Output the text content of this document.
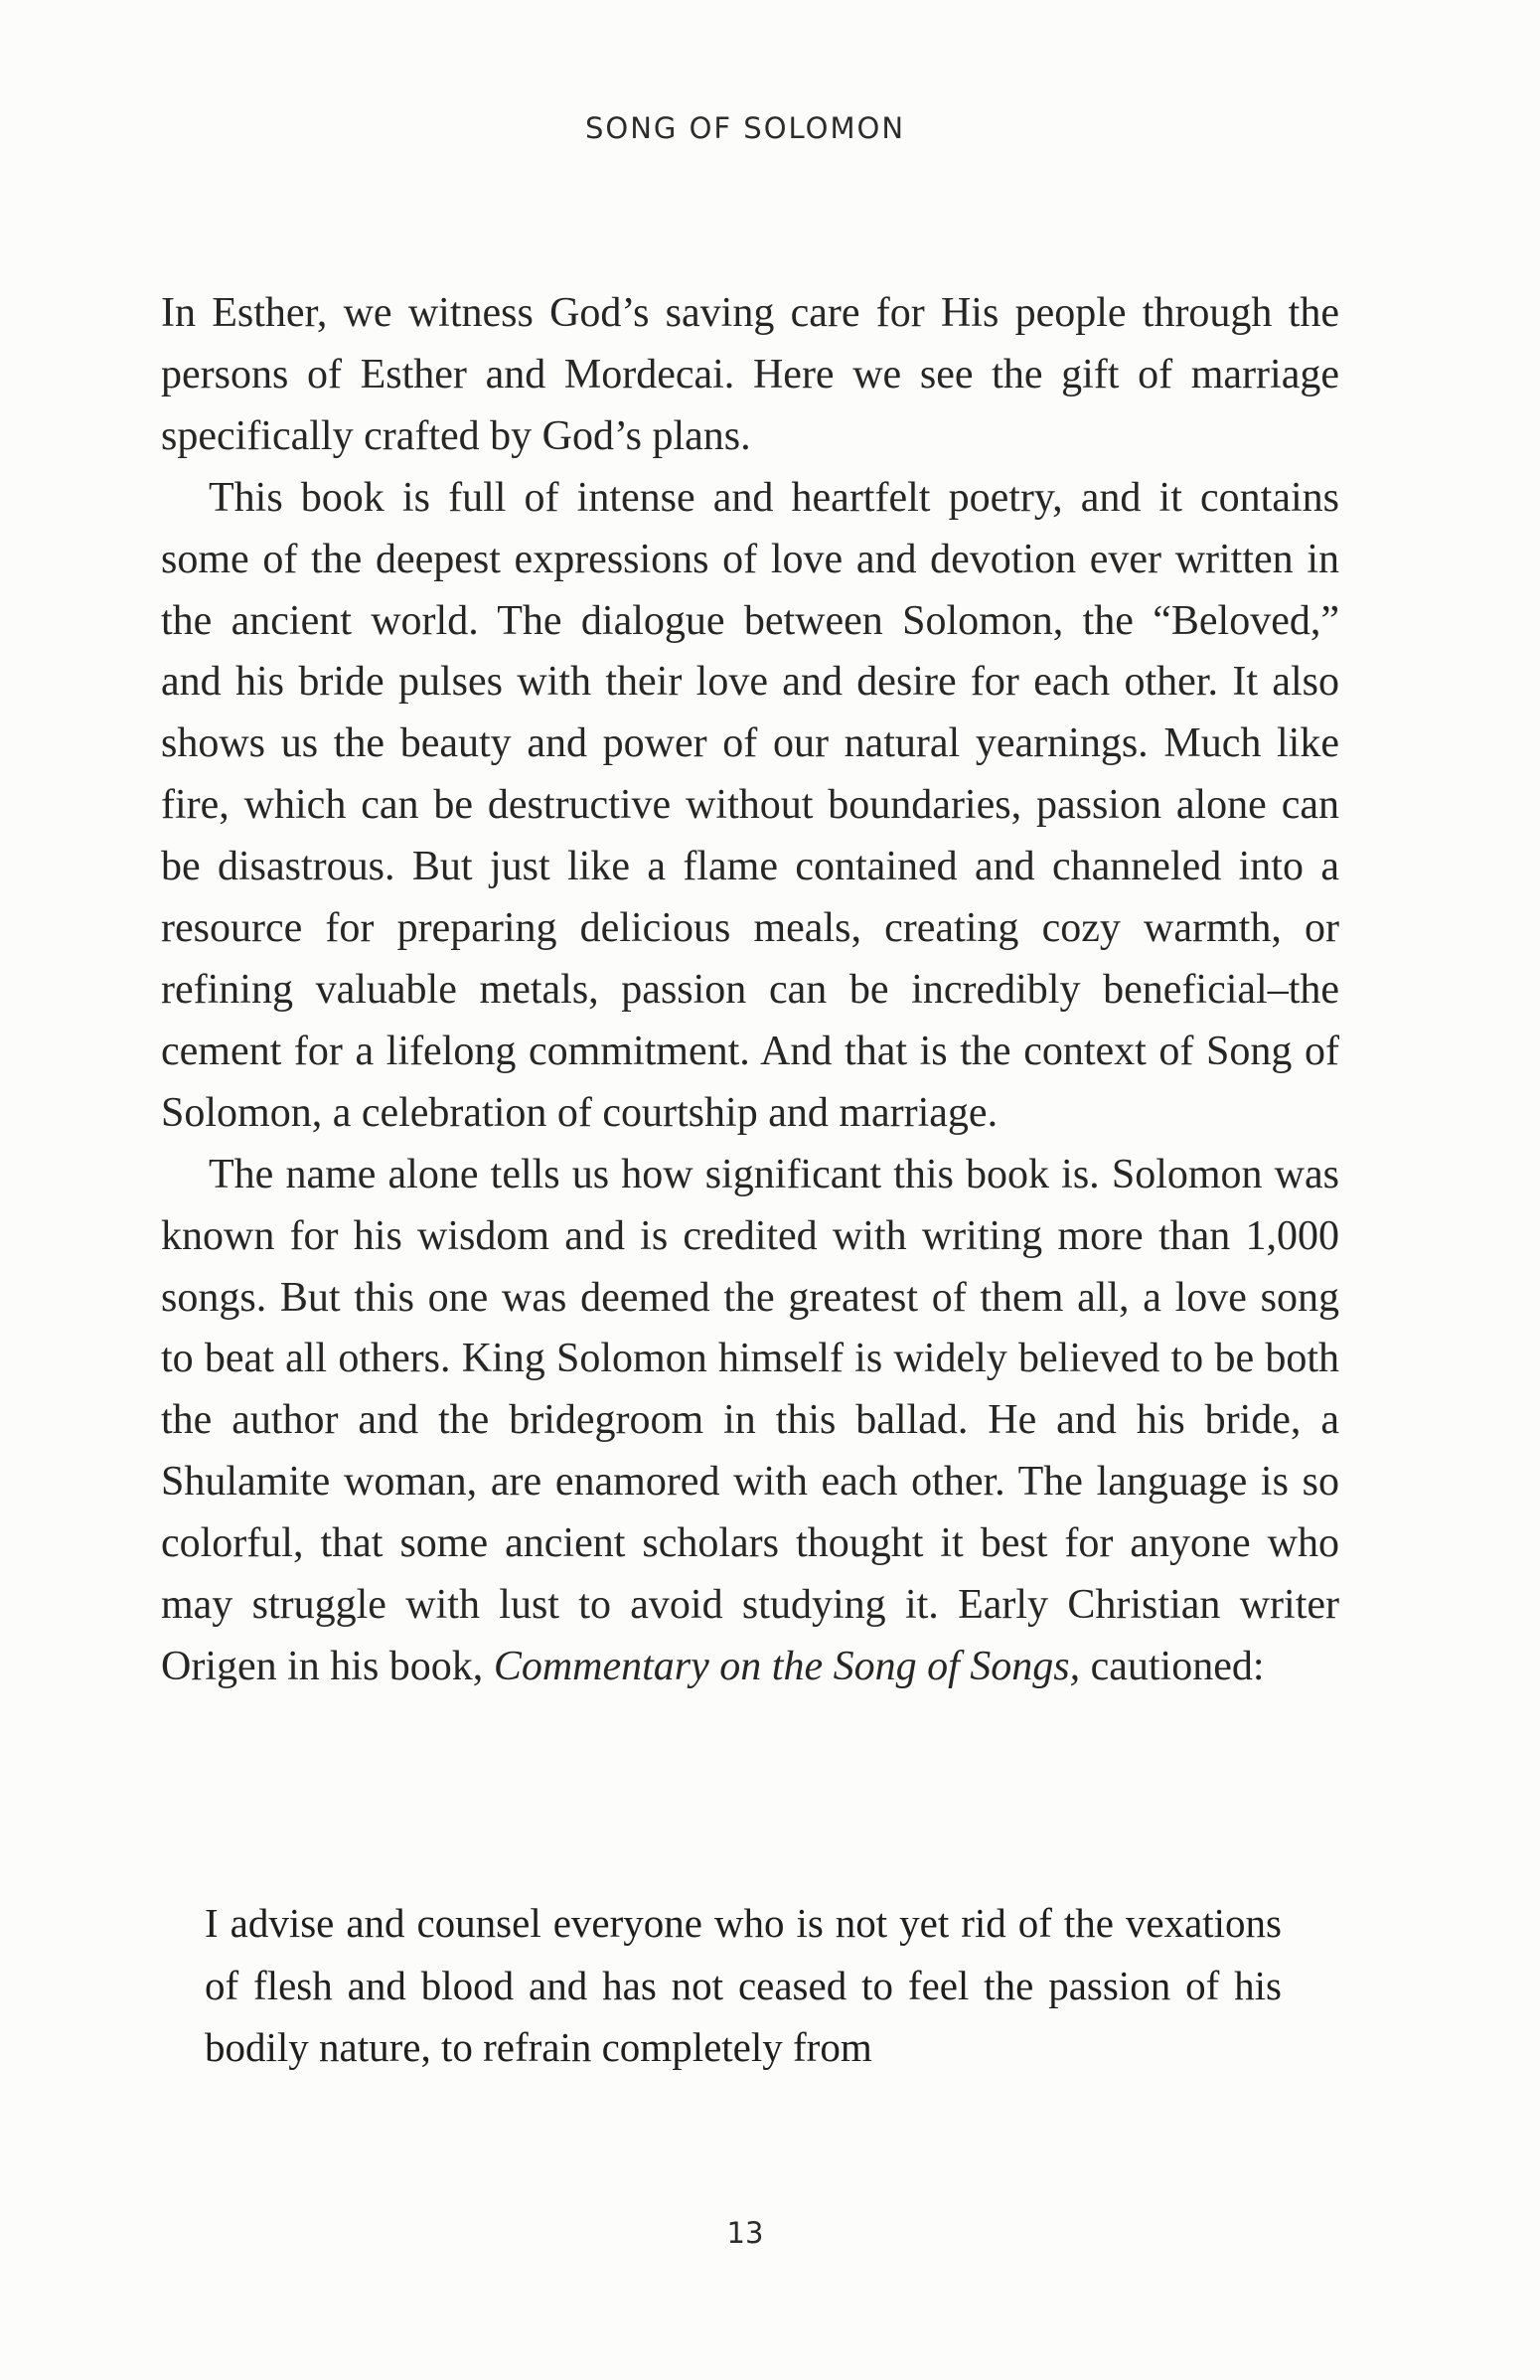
SONG OF SOLOMON

In Esther, we witness God’s saving care for His people through the persons of Esther and Mordecai. Here we see the gift of marriage specifically crafted by God’s plans.

This book is full of intense and heartfelt poetry, and it contains some of the deepest expressions of love and devotion ever written in the ancient world. The dialogue between Solomon, the “Beloved,” and his bride pulses with their love and desire for each other. It also shows us the beauty and power of our natural yearnings. Much like fire, which can be destructive without boundaries, passion alone can be disastrous. But just like a flame contained and channeled into a resource for preparing delicious meals, creating cozy warmth, or refining valuable metals, passion can be incredibly beneficial–the cement for a lifelong commitment. And that is the context of Song of Solomon, a celebration of courtship and marriage.

The name alone tells us how significant this book is. Solomon was known for his wisdom and is credited with writing more than 1,000 songs. But this one was deemed the greatest of them all, a love song to beat all others. King Solomon himself is widely believed to be both the author and the bridegroom in this ballad. He and his bride, a Shulamite woman, are enamored with each other. The language is so colorful, that some ancient scholars thought it best for anyone who may struggle with lust to avoid studying it. Early Christian writer Origen in his book, Commentary on the Song of Songs, cautioned:

I advise and counsel everyone who is not yet rid of the vexations of flesh and blood and has not ceased to feel the passion of his bodily nature, to refrain completely from

13
